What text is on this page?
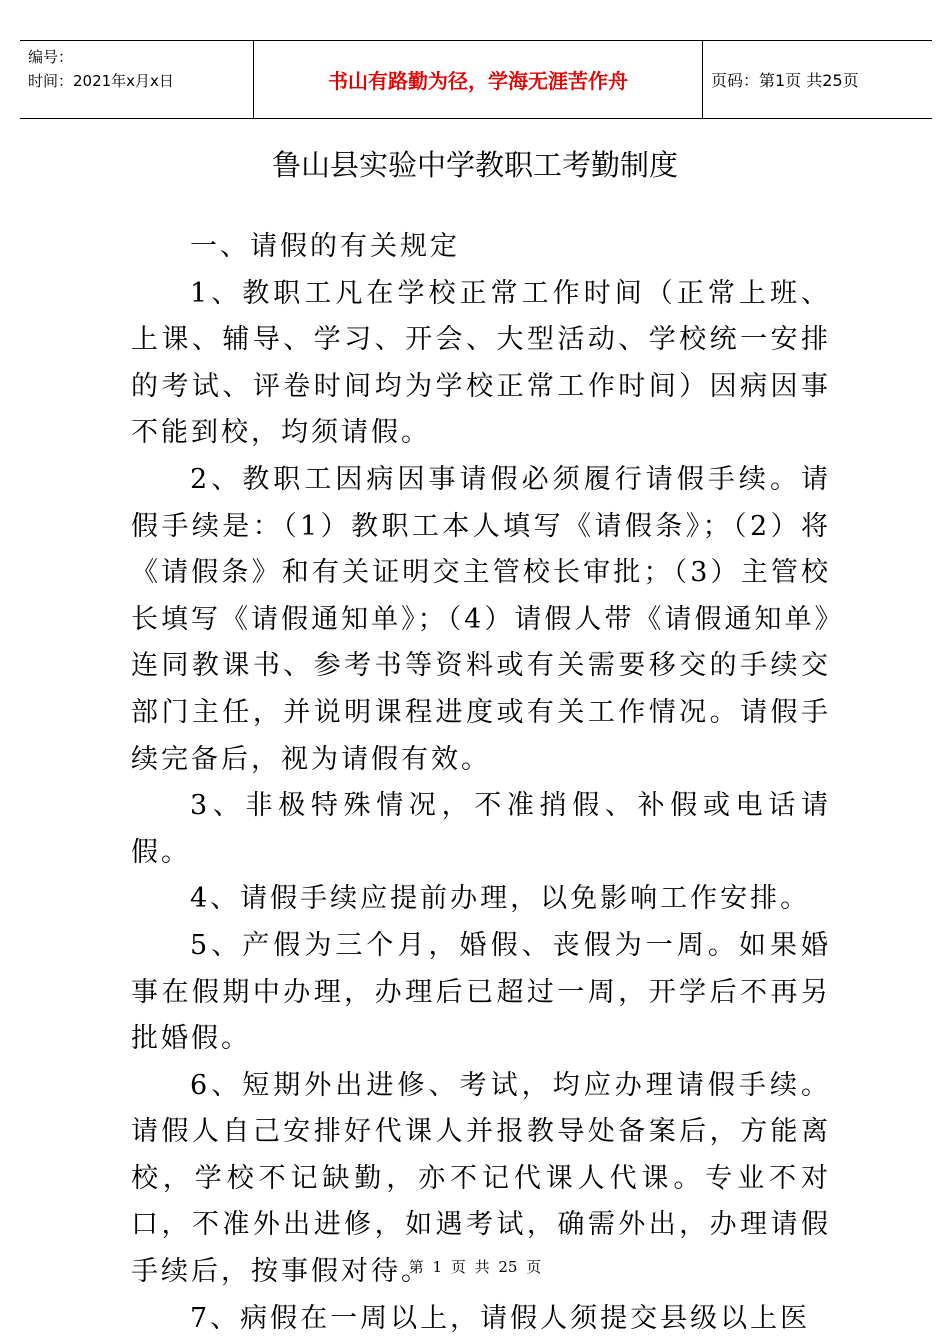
编号：
时间：2021年x月x日	书山有路勤为径，学海无涯苦作舟	页码：第1页 共25页
鲁山县实验中学教职工考勤制度

一、请假的有关规定

1、教职工凡在学校正常工作时间（正常上班、上课、辅导、学习、开会、大型活动、学校统一安排的考试、评卷时间均为学校正常工作时间）因病因事不能到校，均须请假。

2、教职工因病因事请假必须履行请假手续。请假手续是：（1）教职工本人填写《请假条》；（2）将《请假条》和有关证明交主管校长审批；（3）主管校长填写《请假通知单》；（4）请假人带《请假通知单》连同教课书、参考书等资料或有关需要移交的手续交部门主任，并说明课程进度或有关工作情况。请假手续完备后，视为请假有效。

3、非极特殊情况，不准捎假、补假或电话请假。

4、请假手续应提前办理，以免影响工作安排。

5、产假为三个月，婚假、丧假为一周。如果婚事在假期中办理，办理后已超过一周，开学后不再另批婚假。

6、短期外出进修、考试，均应办理请假手续。请假人自己安排好代课人并报教导处备案后，方能离校，学校不记缺勤，亦不记代课人代课。专业不对口，不准外出进修，如遇考试，确需外出，办理请假手续后，按事假对待。

7、病假在一周以上，请假人须提交县级以上医

第 1 页 共 25 页
